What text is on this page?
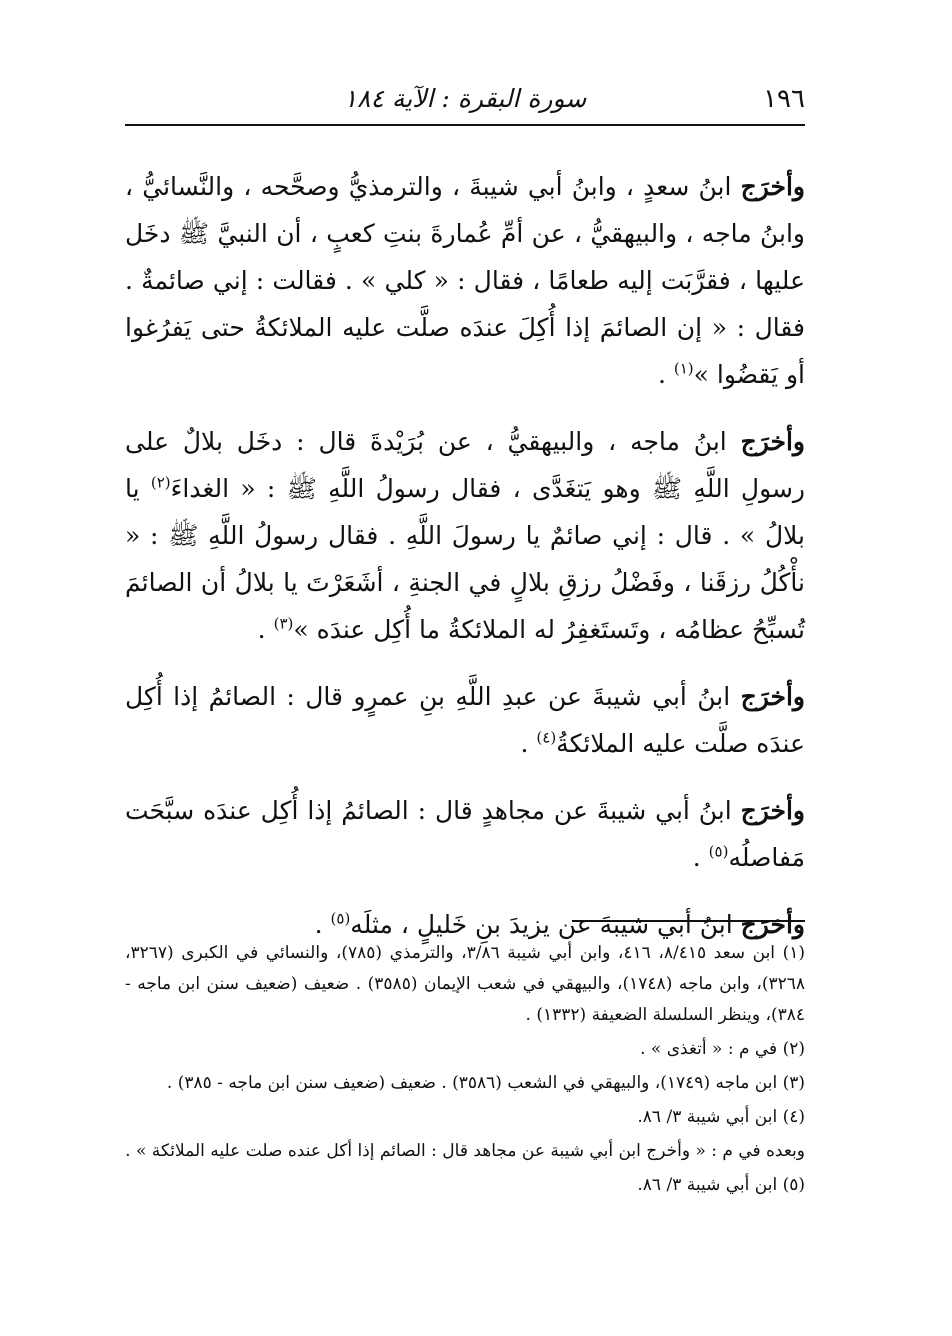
١٩٦
سورة البقرة : الآية ١٨٤

وأخرَج ابنُ سعدٍ ، وابنُ أبي شيبةَ ، والترمذيُّ وصحَّحه ، والنَّسائيُّ ، وابنُ ماجه ، والبيهقيُّ ، عن أمِّ عُمارةَ بنتِ كعبٍ ، أن النبيَّ ﷺ دخَل عليها ، فقرَّبَت إليه طعامًا ، فقال : « كلي » . فقالت : إني صائمةٌ . فقال : « إن الصائمَ إذا أُكِلَ عندَه صلَّت عليه الملائكةُ حتى يَفرُغوا أو يَقضُوا »$^{(١)}$ .

وأخرَج ابنُ ماجه ، والبيهقيُّ ، عن بُرَيْدةَ قال : دخَل بلالٌ على رسولِ اللَّهِ ﷺ وهو يَتغَدَّى ، فقال رسولُ اللَّهِ ﷺ : « الغداءَ$^{(٢)}$ يا بلالُ » . قال : إني صائمٌ يا رسولَ اللَّهِ . فقال رسولُ اللَّهِ ﷺ : « نأْكُلُ رزقَنا ، وفَضْلُ رزقِ بلالٍ في الجنةِ ، أشَعَرْتَ يا بلالُ أن الصائمَ تُسبِّحُ عظامُه ، وتَستَغفِرُ له الملائكةُ ما أُكِل عندَه »$^{(٣)}$ .

وأخرَج ابنُ أبي شيبةَ عن عبدِ اللَّهِ بنِ عمرٍو قال : الصائمُ إذا أُكِل عندَه صلَّت عليه الملائكةُ$^{(٤)}$ .

وأخرَج ابنُ أبي شيبةَ عن مجاهدٍ قال : الصائمُ إذا أُكِل عندَه سبَّحَت مَفاصلُه$^{(٥)}$ .

وأخرَج ابنُ أبي شيبةَ عن يزيدَ بنِ خَليلٍ ، مثلَه$^{(٥)}$ .

(١) ابن سعد ٨/٤١٥، ٤١٦، وابن أبي شيبة ٣/٨٦، والترمذي (٧٨٥)، والنسائي في الكبرى (٣٢٦٧، ٣٢٦٨)، وابن ماجه (١٧٤٨)، والبيهقي في شعب الإيمان (٣٥٨٥) . ضعيف (ضعيف سنن ابن ماجه - ٣٨٤)، وينظر السلسلة الضعيفة (١٣٣٢) .

(٢) في م : « أتغذى » .

(٣) ابن ماجه (١٧٤٩)، والبيهقي في الشعب (٣٥٨٦) . ضعيف (ضعيف سنن ابن ماجه - ٣٨٥) .

(٤) ابن أبي شيبة ٣/ ٨٦.

وبعده في م : « وأخرج ابن أبي شيبة عن مجاهد قال : الصائم إذا أكل عنده صلت عليه الملائكة » .

(٥) ابن أبي شيبة ٣/ ٨٦.
